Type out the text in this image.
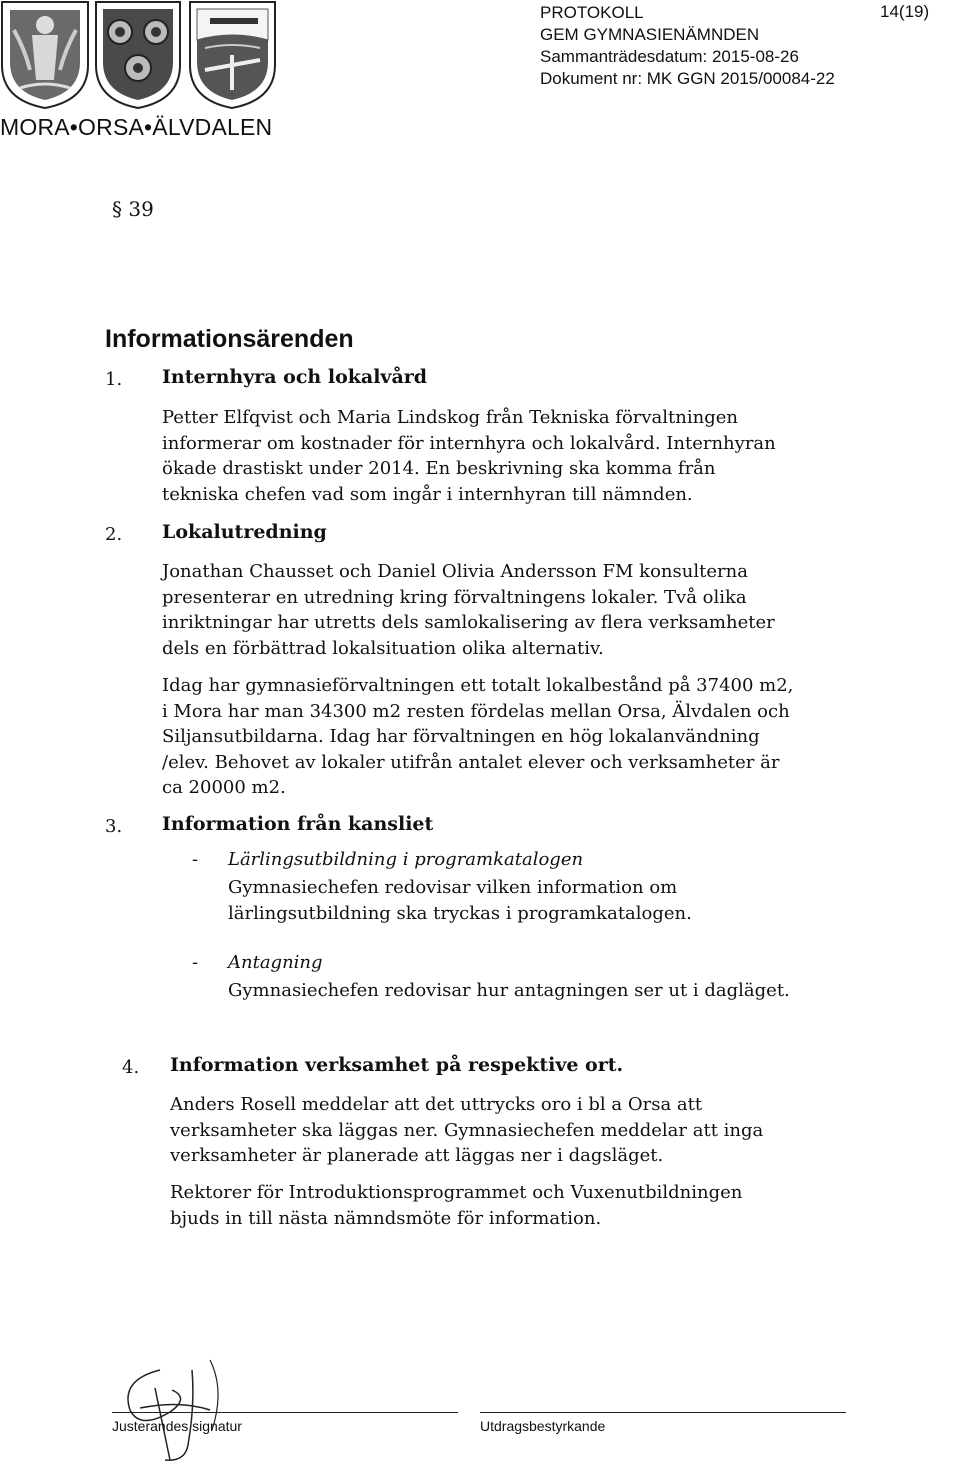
MORA•ORSA•ÄLVDALEN
PROTOKOLL
GEM GYMNASIENÄMNDEN
Sammanträdesdatum: 2015-08-26
Dokument nr: MK GGN 2015/00084-22
14(19)
§ 39
Informationsärenden
1. Internhyra och lokalvård
Petter Elfqvist och Maria Lindskog från Tekniska förvaltningen
informerar om kostnader för internhyra och lokalvård. Internhyran
ökade drastiskt under 2014. En beskrivning ska komma från
tekniska chefen vad som ingår i internhyran till nämnden.
2. Lokalutredning
Jonathan Chausset och Daniel Olivia Andersson FM konsulterna
presenterar en utredning kring förvaltningens lokaler. Två olika
inriktningar har utretts dels samlokalisering av flera verksamheter
dels en förbättrad lokalsituation olika alternativ.
Idag har gymnasieförvaltningen ett totalt lokalbestånd på 37400 m2,
i Mora har man 34300 m2 resten fördelas mellan Orsa, Älvdalen och
Siljansutbildarna. Idag har förvaltningen en hög lokalanvändning
/elev. Behovet av lokaler utifrån antalet elever och verksamheter är
ca 20000 m2.
3. Information från kansliet
- Lärlingsutbildning i programkatalogen
Gymnasiechefen redovisar vilken information om
lärlingsutbildning ska tryckas i programkatalogen.
- Antagning
Gymnasiechefen redovisar hur antagningen ser ut i dagläget.
4. Information verksamhet på respektive ort.
Anders Rosell meddelar att det uttrycks oro i bl a Orsa att
verksamheter ska läggas ner. Gymnasiechefen meddelar att inga
verksamheter är planerade att läggas ner i dagsläget.
Rektorer för Introduktionsprogrammet och Vuxenutbildningen
bjuds in till nästa nämndsmöte för information.
Justerandes signatur	Utdragsbestyrkande
